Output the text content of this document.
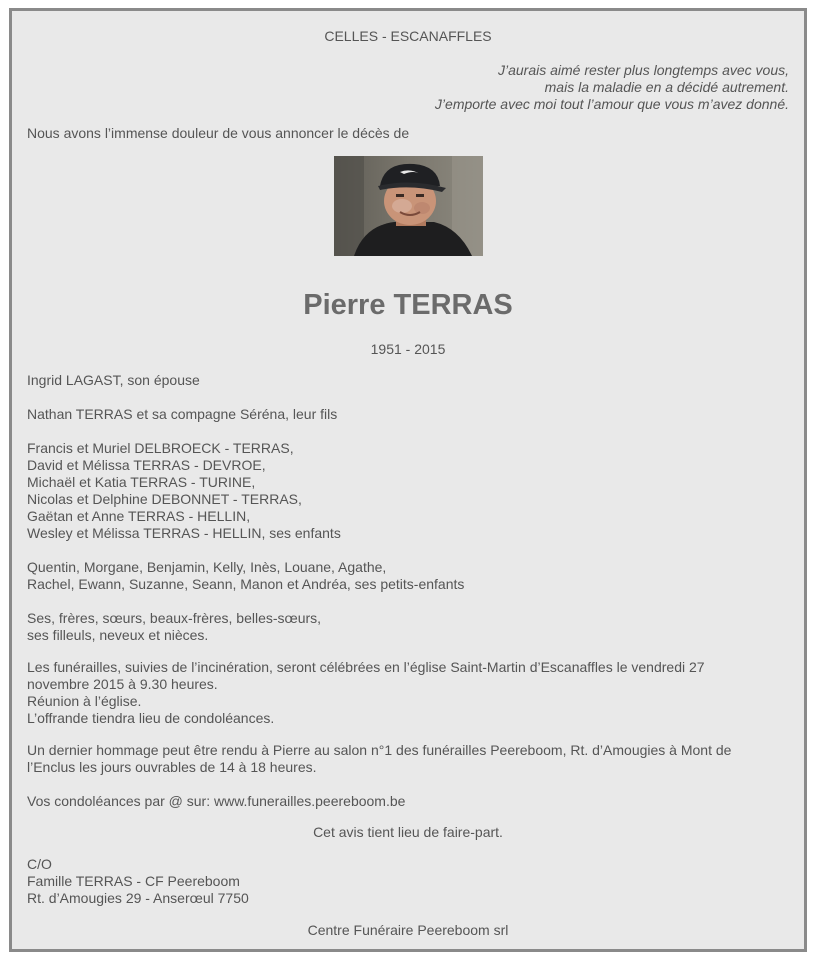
CELLES - ESCANAFFLES
J’aurais aimé rester plus longtemps avec vous,
mais la maladie en a décidé autrement.
J’emporte avec moi tout l’amour que vous m’avez donné.
Nous avons l’immense douleur de vous annoncer le décès de
Pierre TERRAS
1951 - 2015
Ingrid LAGAST, son épouse
Nathan TERRAS et sa compagne Séréna, leur fils
Francis et Muriel DELBROECK - TERRAS,
David et Mélissa TERRAS - DEVROE,
Michaël et Katia TERRAS - TURINE,
Nicolas et Delphine DEBONNET - TERRAS,
Gaëtan et Anne TERRAS - HELLIN,
Wesley et Mélissa TERRAS - HELLIN, ses enfants
Quentin, Morgane, Benjamin, Kelly, Inès, Louane, Agathe,
Rachel, Ewann, Suzanne, Seann, Manon et Andréa, ses petits-enfants
Ses, frères, sœurs, beaux-frères, belles-sœurs,
ses filleuls, neveux et nièces.
Les funérailles, suivies de l’incinération, seront célébrées en l’église Saint-Martin d’Escanaffles le vendredi 27
novembre 2015 à 9.30 heures.
Réunion à l’église.
L’offrande tiendra lieu de condoléances.
Un dernier hommage peut être rendu à Pierre au salon n°1 des funérailles Peereboom, Rt. d’Amougies à Mont de
l’Enclus les jours ouvrables de 14 à 18 heures.
Vos condoléances par @ sur: www.funerailles.peereboom.be
Cet avis tient lieu de faire-part.
C/O
Famille TERRAS - CF Peereboom
Rt. d’Amougies 29 - Anserœul 7750
Centre Funéraire Peereboom srl
